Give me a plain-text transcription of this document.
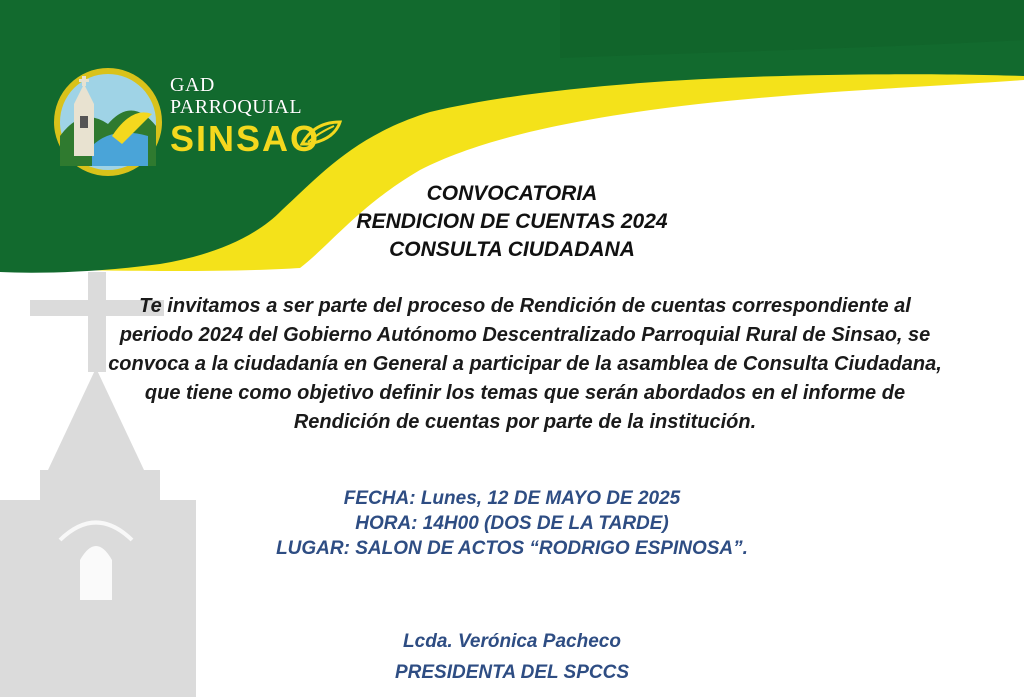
GAD
PARROQUIAL
SINSAO
CONVOCATORIA
RENDICION DE CUENTAS 2024
CONSULTA CIUDADANA
Te invitamos a ser parte del proceso de Rendición de cuentas correspondiente al periodo 2024 del Gobierno Autónomo Descentralizado Parroquial Rural de Sinsao, se convoca a la ciudadanía en General a participar de la asamblea de Consulta Ciudadana, que tiene como objetivo definir los temas que serán abordados en el informe de Rendición de cuentas por parte de la institución.
FECHA: Lunes, 12 DE MAYO DE 2025
HORA: 14H00 (DOS DE LA TARDE)
LUGAR: SALON DE ACTOS “RODRIGO ESPINOSA”.
Lcda. Verónica Pacheco
PRESIDENTA DEL SPCCS
